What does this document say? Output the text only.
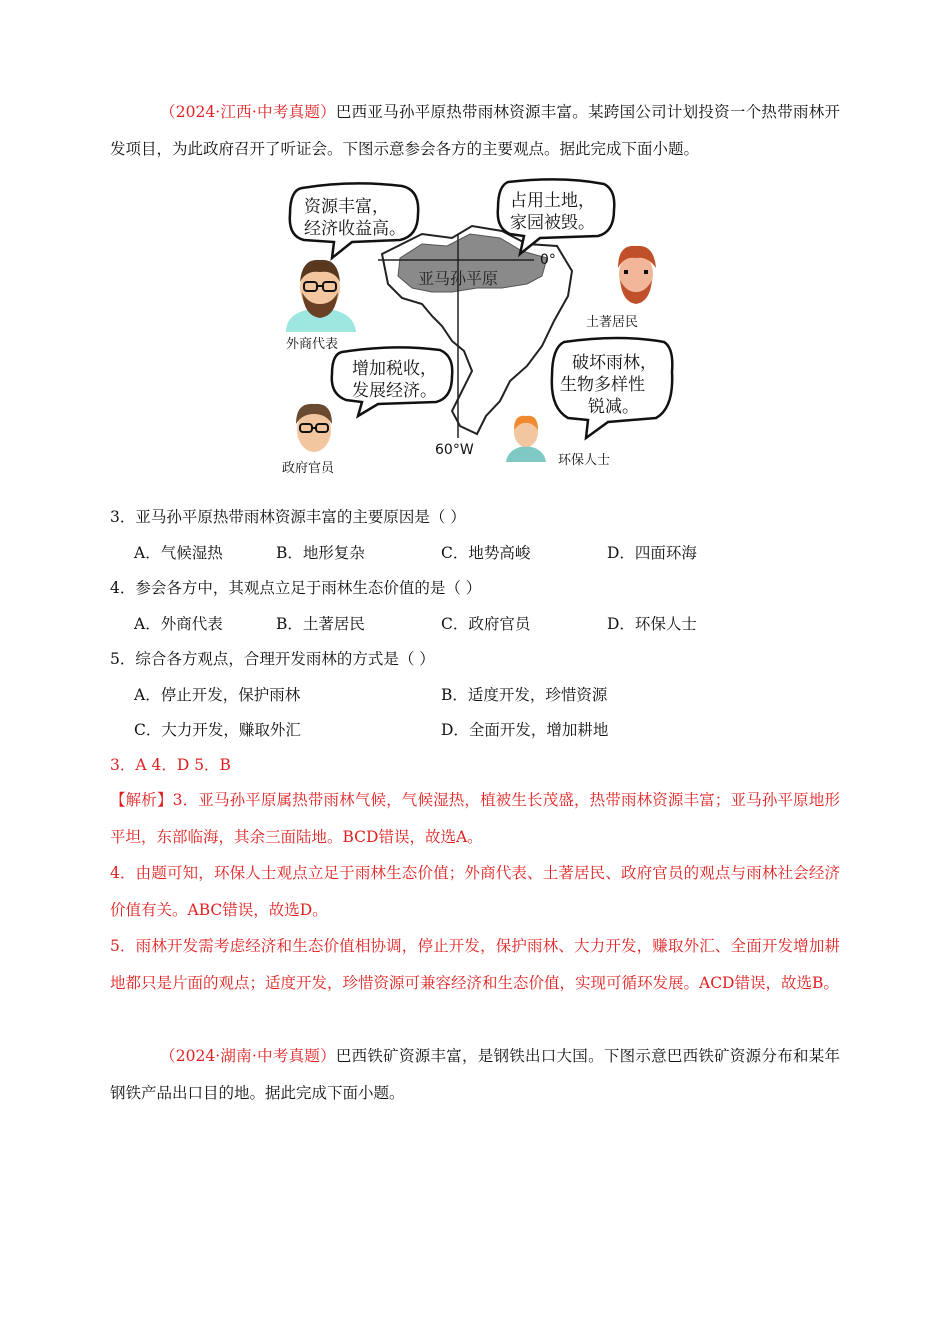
（2024·江西·中考真题）巴西亚马孙平原热带雨林资源丰富。某跨国公司计划投资一个热带雨林开发项目，为此政府召开了听证会。下图示意参会各方的主要观点。据此完成下面小题。

0°
60°W
亚马孙平原
资源丰富，
经济收益高。
占用土地，
家园被毁。
增加税收，
发展经济。
破坏雨林，
生物多样性
锐减。
外商代表
土著居民
政府官员
环保人士
3．亚马孙平原热带雨林资源丰富的主要原因是（ ）
A．气候湿热	B．地形复杂	C．地势高峻	D．四面环海
4．参会各方中，其观点立足于雨林生态价值的是（ ）
A．外商代表	B．土著居民	C．政府官员	D．环保人士
5．综合各方观点，合理开发雨林的方式是（ ）
A．停止开发，保护雨林	B．适度开发，珍惜资源
C．大力开发，赚取外汇	D．全面开发，增加耕地
3．A 4．D 5．B

【解析】3．亚马孙平原属热带雨林气候，气候湿热，植被生长茂盛，热带雨林资源丰富；亚马孙平原地形平坦，东部临海，其余三面陆地。BCD错误，故选A。

4．由题可知，环保人士观点立足于雨林生态价值；外商代表、土著居民、政府官员的观点与雨林社会经济价值有关。ABC错误，故选D。

5．雨林开发需考虑经济和生态价值相协调，停止开发，保护雨林、大力开发，赚取外汇、全面开发增加耕地都只是片面的观点；适度开发，珍惜资源可兼容经济和生态价值，实现可循环发展。ACD错误，故选B。

（2024·湖南·中考真题）巴西铁矿资源丰富，是钢铁出口大国。下图示意巴西铁矿资源分布和某年钢铁产品出口目的地。据此完成下面小题。
